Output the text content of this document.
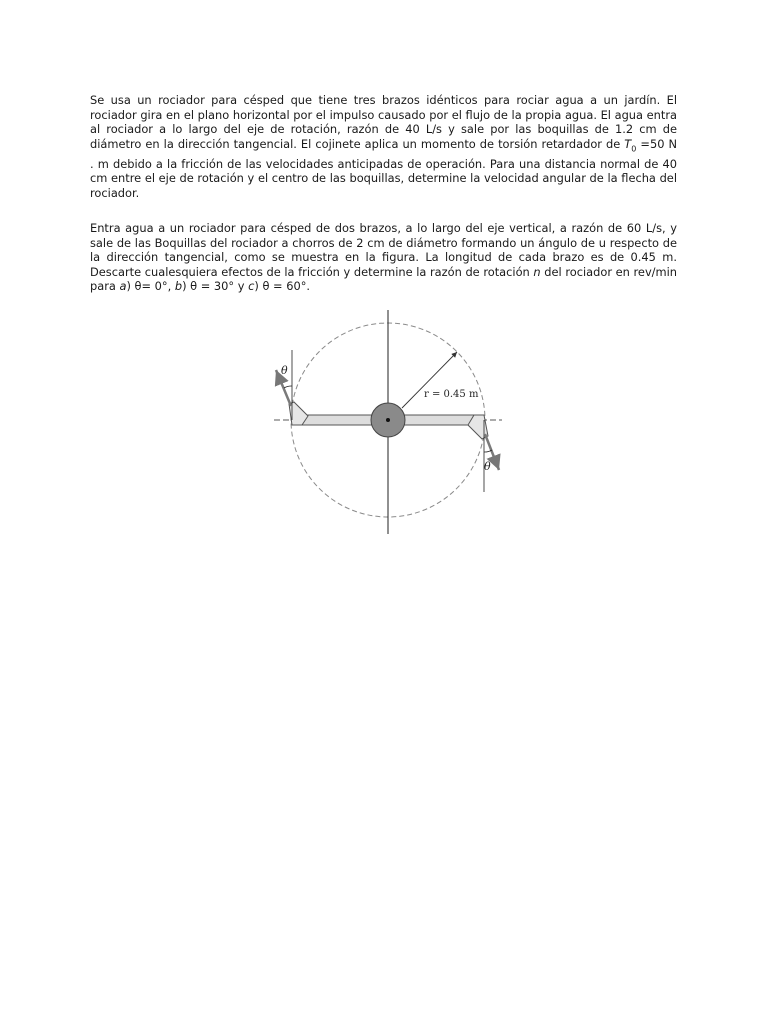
Se usa un rociador para césped que tiene tres brazos idénticos para rociar agua a un jardín. El rociador gira en el plano horizontal por el impulso causado por el flujo de la propia agua. El agua entra al rociador a lo largo del eje de rotación, razón de 40 L/s y sale por las boquillas de 1.2 cm de diámetro en la dirección tangencial. El cojinete aplica un momento de torsión retardador de $T_0 =50$ N . m debido a la fricción de las velocidades anticipadas de operación. Para una distancia normal de 40 cm entre el eje de rotación y el centro de las boquillas, determine la velocidad angular de la flecha del rociador.

Entra agua a un rociador para césped de dos brazos, a lo largo del eje vertical, a razón de 60 L/s, y sale de las Boquillas del rociador a chorros de 2 cm de diámetro formando un ángulo de u respecto de la dirección tangencial, como se muestra en la figura. La longitud de cada brazo es de 0.45 m. Descarte cualesquiera efectos de la fricción y determine la razón de rotación n del rociador en rev/min para a) θ= 0°, b) θ = 30° y c) θ = 60°.

r = 0.45 m
θ
θ
